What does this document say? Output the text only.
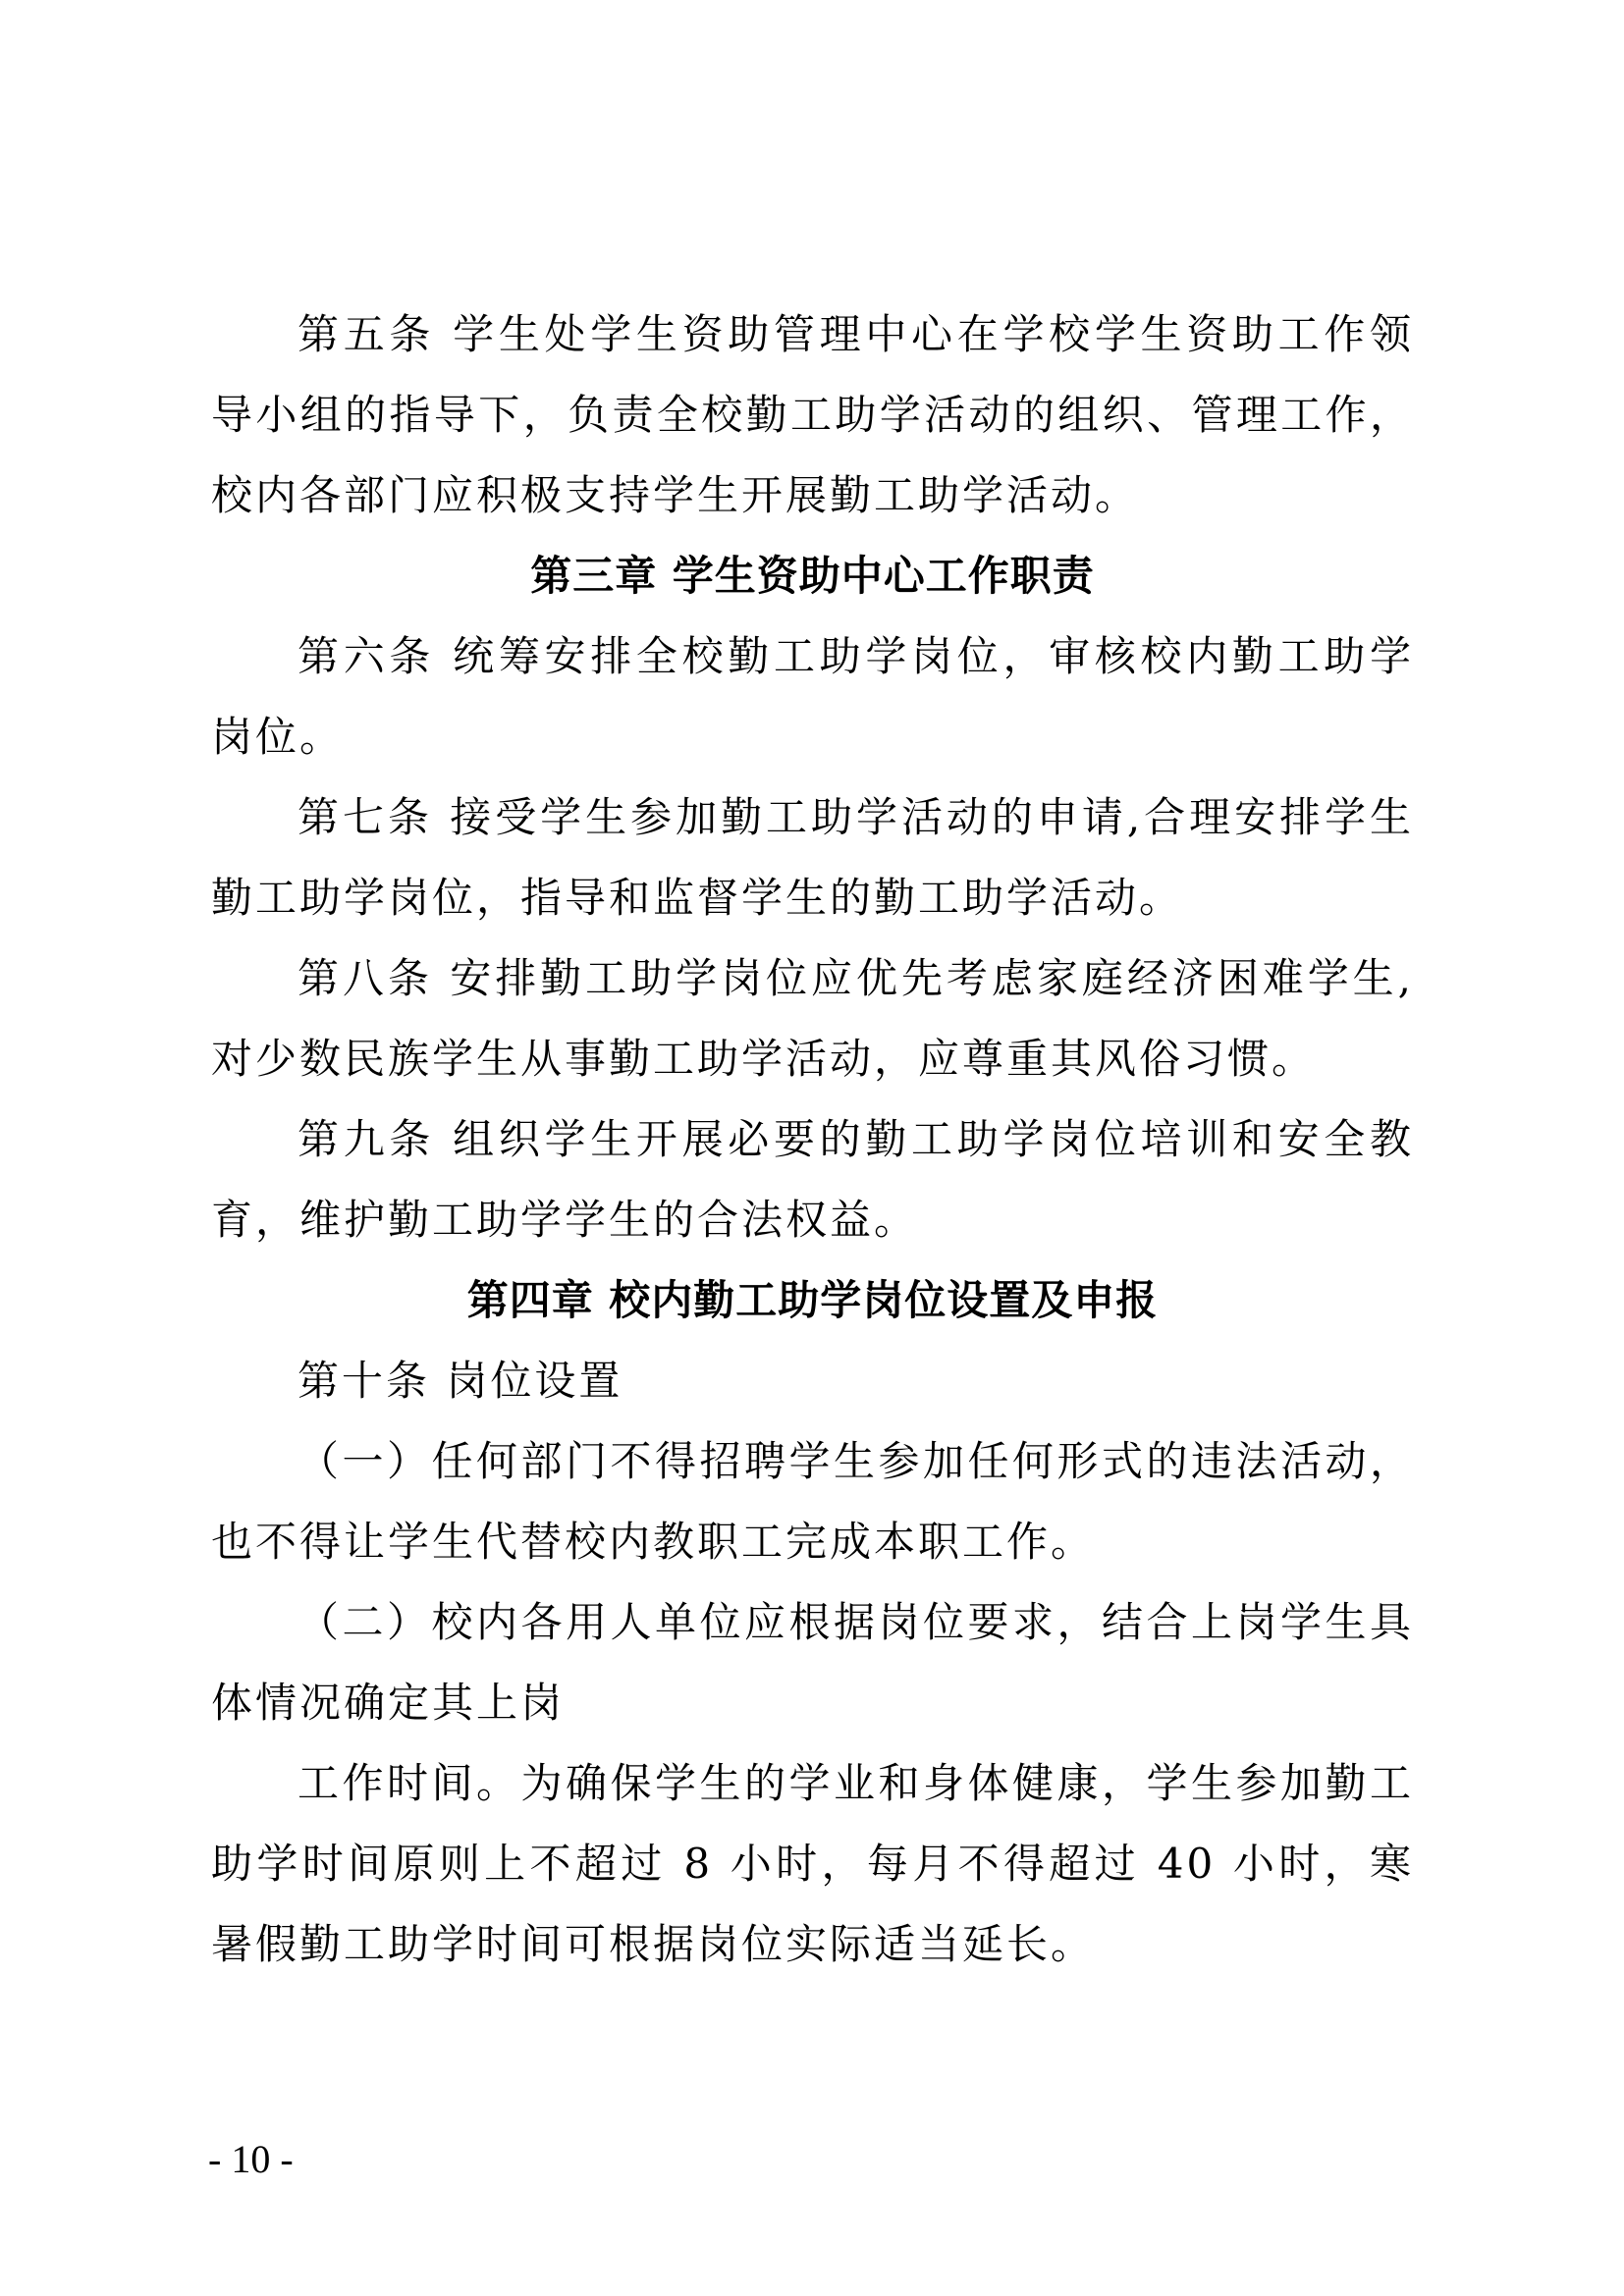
第五条 学生处学生资助管理中心在学校学生资助工作领导小组的指导下，负责全校勤工助学活动的组织、管理工作，校内各部门应积极支持学生开展勤工助学活动。

第三章 学生资助中心工作职责

第六条 统筹安排全校勤工助学岗位，审核校内勤工助学岗位。

第七条 接受学生参加勤工助学活动的申请,合理安排学生勤工助学岗位，指导和监督学生的勤工助学活动。

第八条 安排勤工助学岗位应优先考虑家庭经济困难学生,对少数民族学生从事勤工助学活动，应尊重其风俗习惯。

第九条 组织学生开展必要的勤工助学岗位培训和安全教育，维护勤工助学学生的合法权益。

第四章 校内勤工助学岗位设置及申报

第十条 岗位设置

（一）任何部门不得招聘学生参加任何形式的违法活动，也不得让学生代替校内教职工完成本职工作。

（二）校内各用人单位应根据岗位要求，结合上岗学生具体情况确定其上岗

工作时间。为确保学生的学业和身体健康，学生参加勤工助学时间原则上不超过 8 小时，每月不得超过 40 小时，寒暑假勤工助学时间可根据岗位实际适当延长。

- 10 -
